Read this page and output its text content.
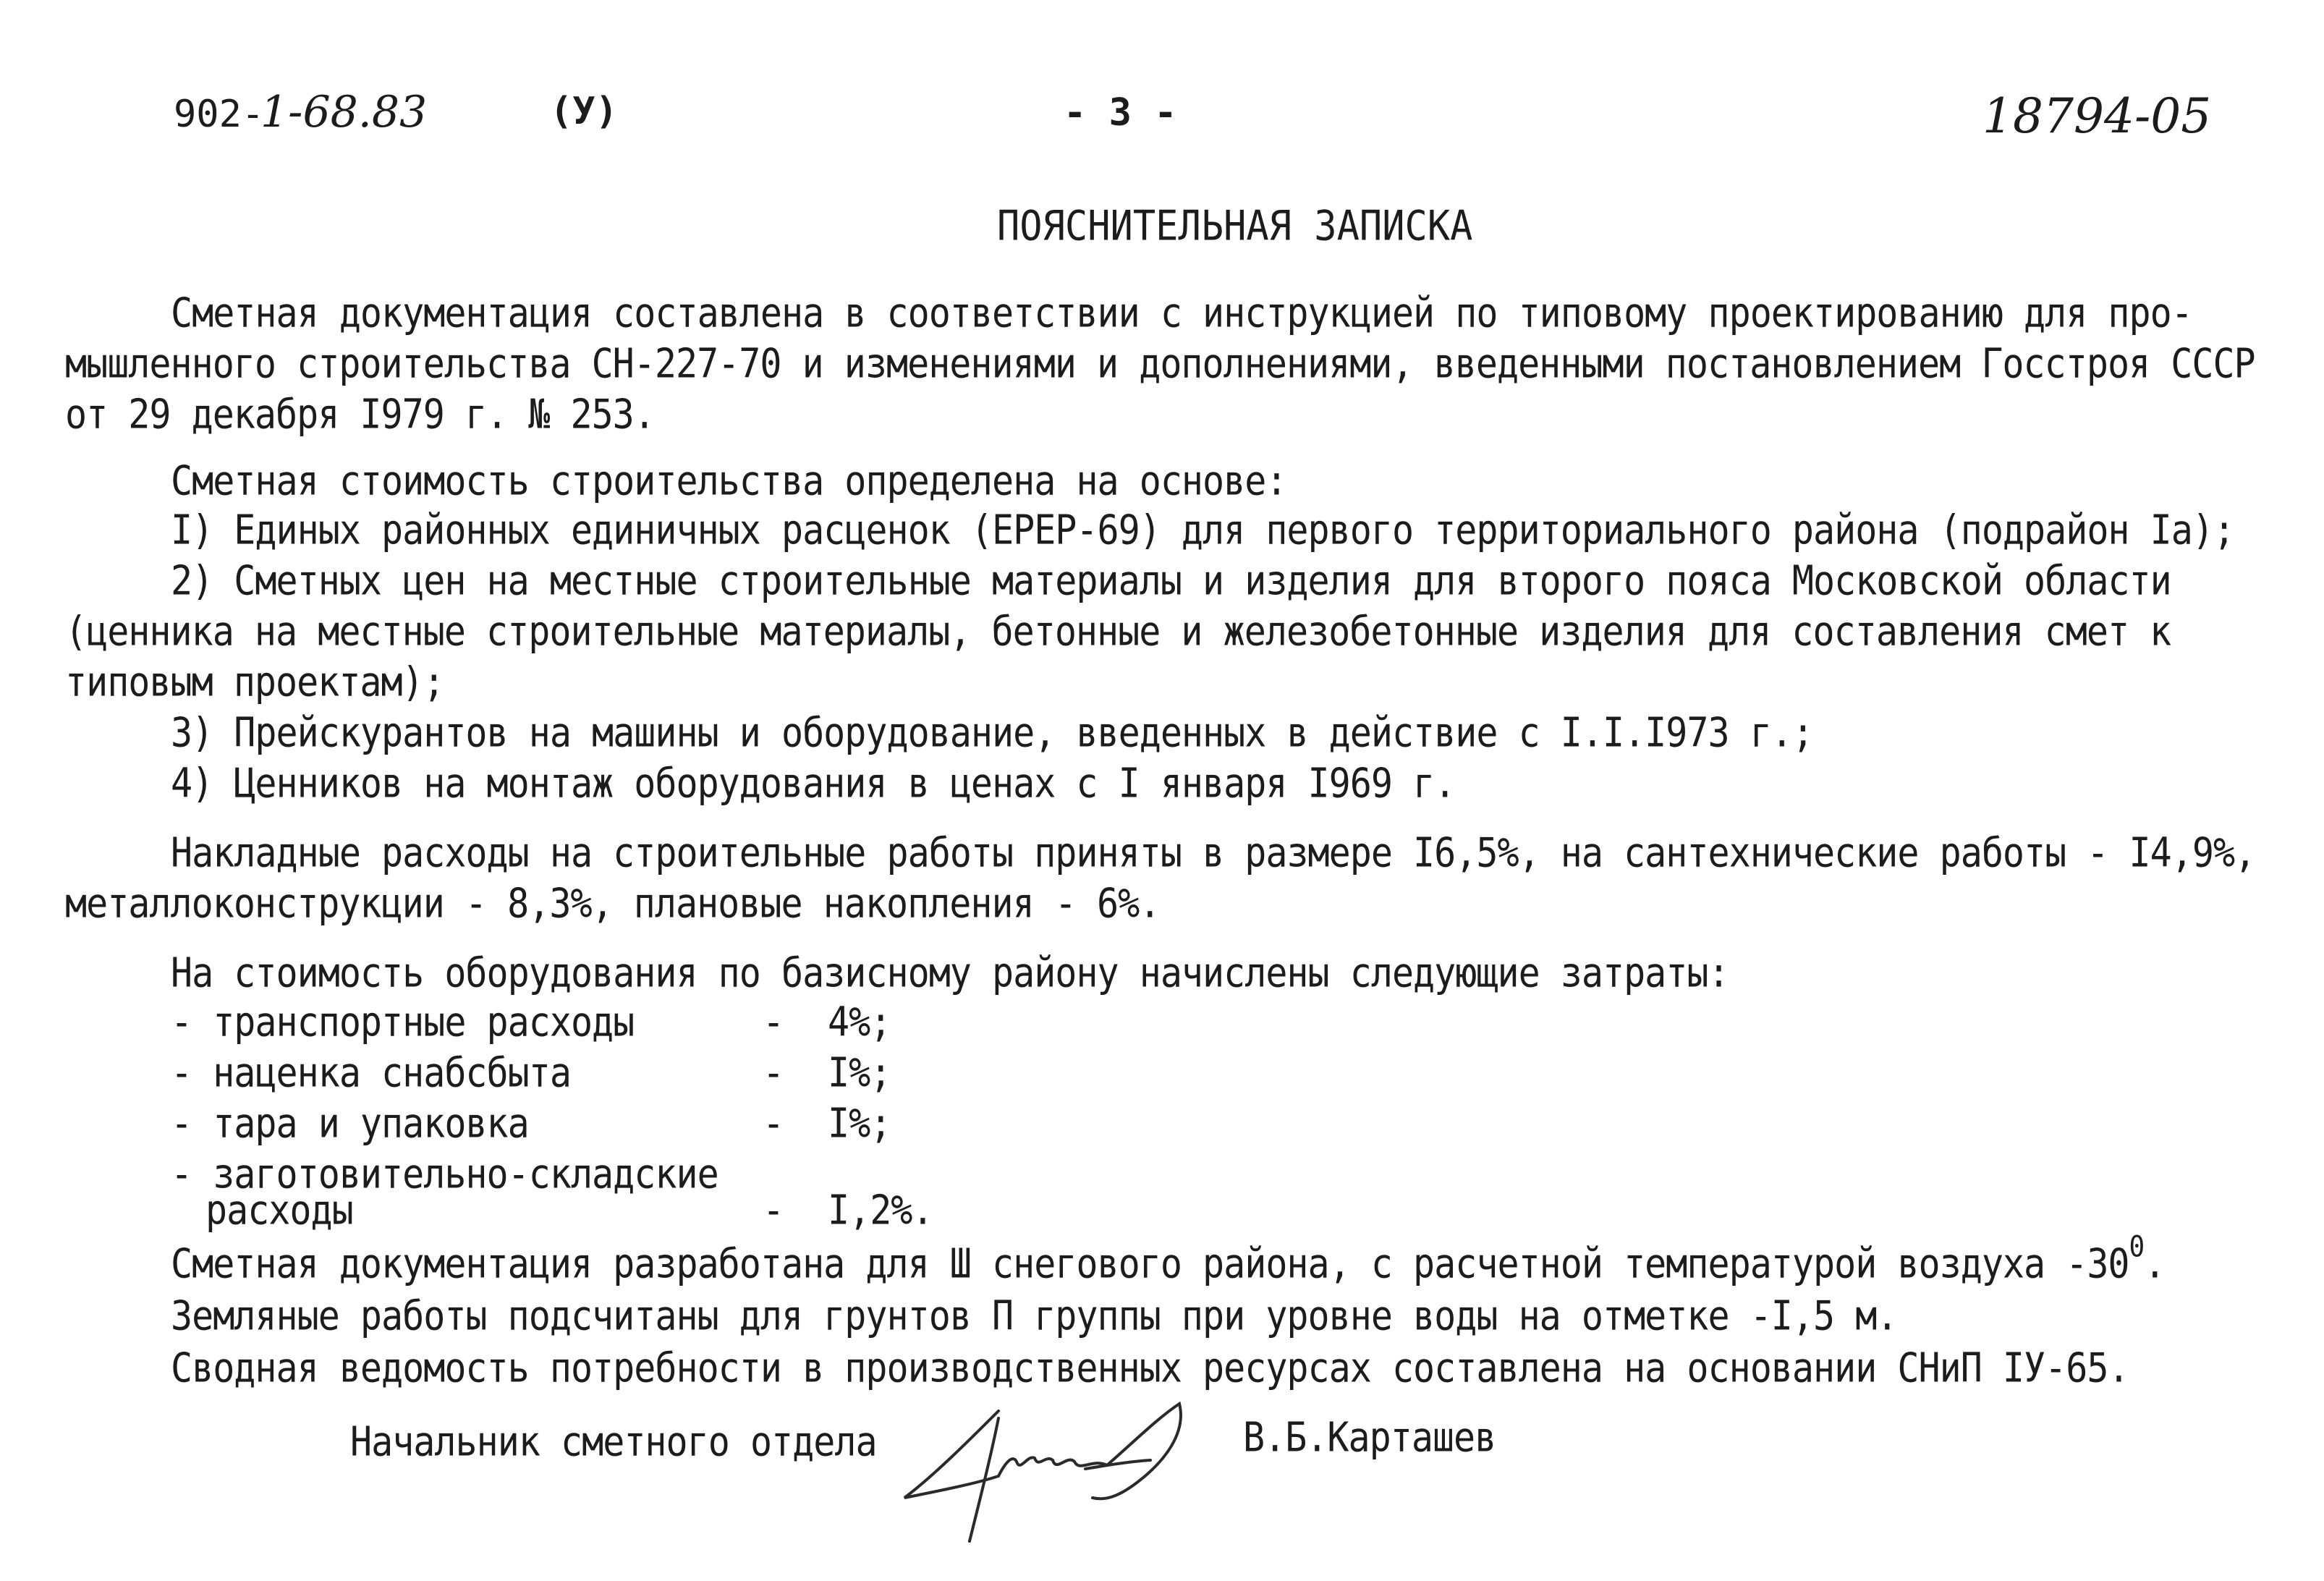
902-
1-68.83	(У)	- 3 -	18794-05
ПОЯСНИТЕЛЬНАЯ ЗАПИСКА
Сметная документация составлена в соответствии с инструкцией по типовому проектированию для про-
мышленного строительства СН-227-70 и изменениями и дополнениями, введенными постановлением Госстроя СССР
от 29 декабря I979 г. № 253.
Сметная стоимость строительства определена на основе:
I) Единых районных единичных расценок (ЕРЕР-69) для первого территориального района (подрайон Iа);
2) Сметных цен на местные строительные материалы и изделия для второго пояса Московской области
(ценника на местные строительные материалы, бетонные и железобетонные изделия для составления смет к
типовым проектам);
3) Прейскурантов на машины и оборудование, введенных в действие с I.I.I973 г.;
4) Ценников на монтаж оборудования в ценах с I января I969 г.
Накладные расходы на строительные работы приняты в размере I6,5%, на сантехнические работы - I4,9%,
металлоконструкции - 8,3%, плановые накопления - 6%.
На стоимость оборудования по базисному району начислены следующие затраты:
- транспортные расходы	- 4%;
- наценка снабсбыта	- I%;
- тара и упаковка	- I%;
- заготовительно-складские
расходы	- I,2%.
Сметная документация разработана для Ш снегового района, с расчетной температурой воздуха $-30^0$.
Земляные работы подсчитаны для грунтов П группы при уровне воды на отметке -I,5 м.
Сводная ведомость потребности в производственных ресурсах составлена на основании СНиП IУ-65.
Начальник сметного отдела	В.Б.Карташев
